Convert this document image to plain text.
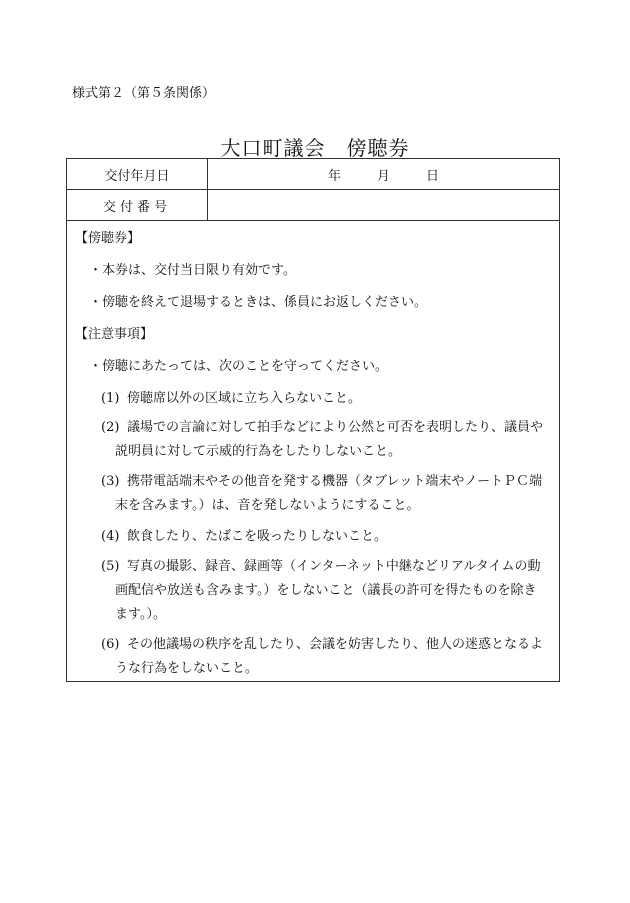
様式第２（第５条関係）
大口町議会　傍聴券
交付年月日	年	月	日
交付番号
【傍聴券】
・本券は、交付当日限り有効です。
・傍聴を終えて退場するときは、係員にお返しください。
【注意事項】
・傍聴にあたっては、次のことを守ってください。
(1) 傍聴席以外の区域に立ち入らないこと。
(2) 議場での言論に対して拍手などにより公然と可否を表明したり、議員や
説明員に対して示威的行為をしたりしないこと。
(3) 携帯電話端末やその他音を発する機器（タブレット端末やノートＰＣ端
末を含みます。）は、音を発しないようにすること。
(4) 飲食したり、たばこを吸ったりしないこと。
(5) 写真の撮影、録音、録画等（インターネット中継などリアルタイムの動
画配信や放送も含みます。）をしないこと（議長の許可を得たものを除き
ます。）。
(6) その他議場の秩序を乱したり、会議を妨害したり、他人の迷惑となるよ
うな行為をしないこと。
